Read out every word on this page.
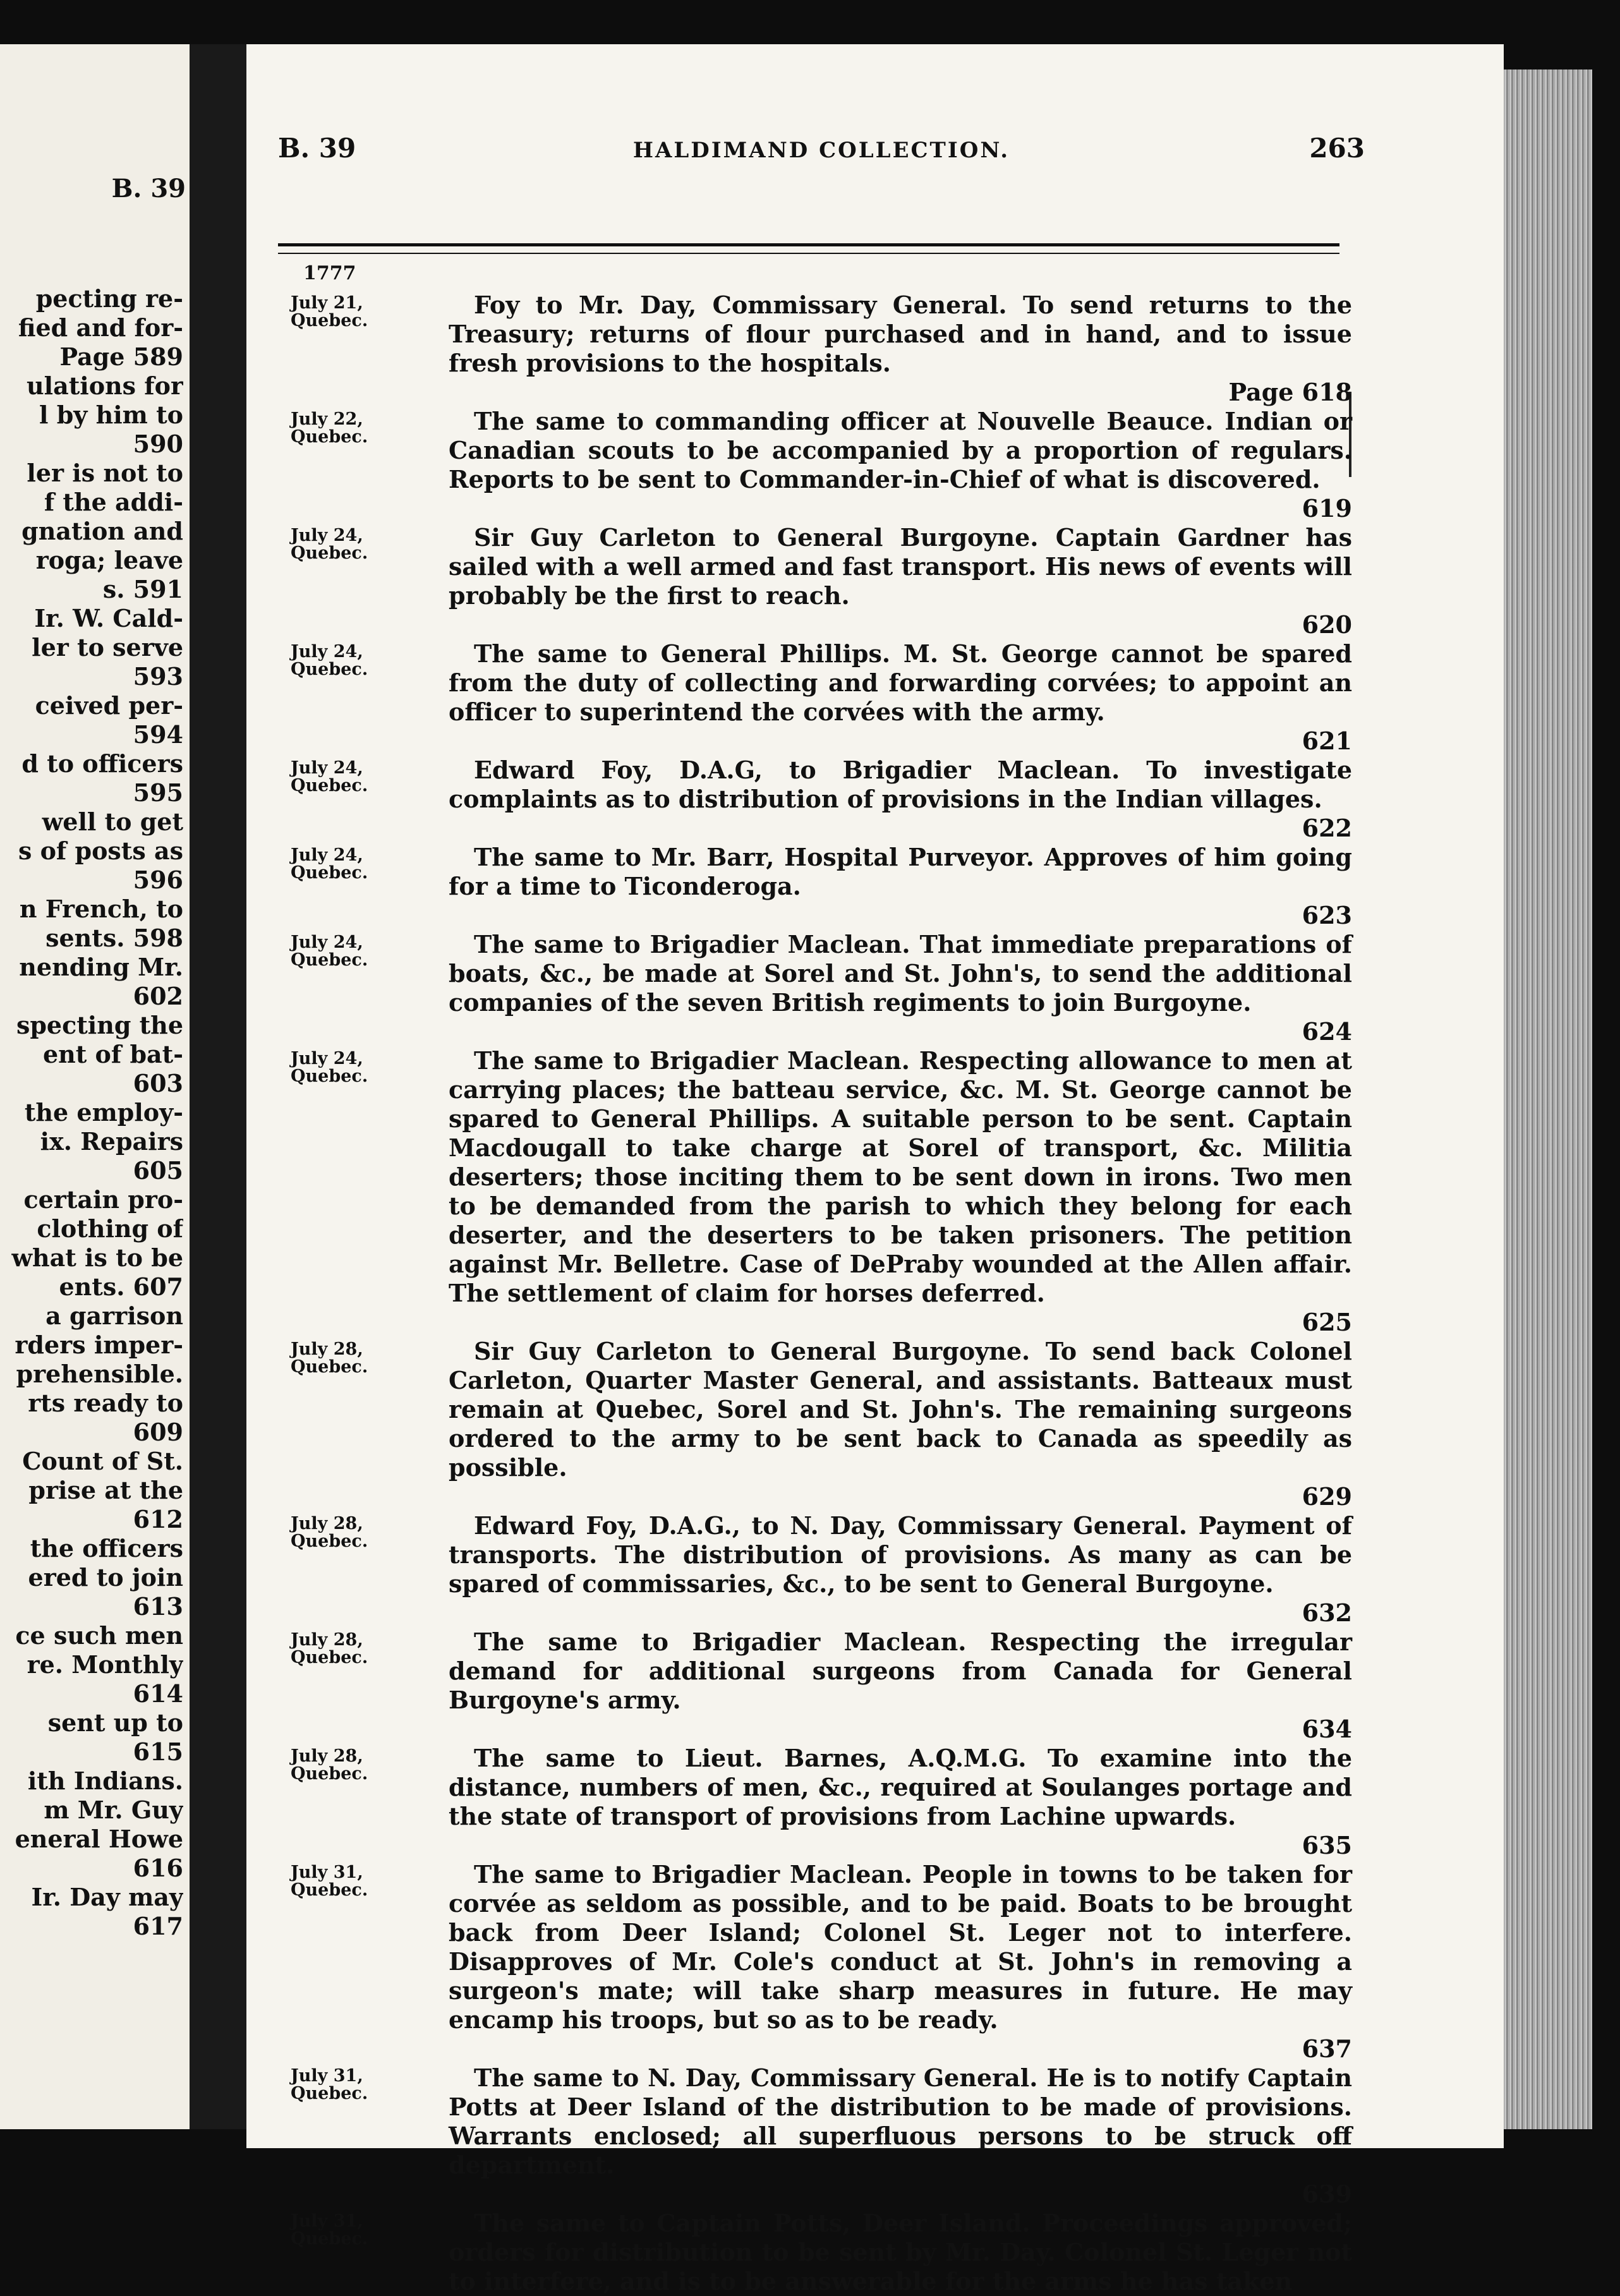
B. 39
pecting re-
fied and for-
Page 589
ulations for
l by him to
590
ler is not to
f the addi-
gnation and
roga; leave
s. 591
Ir. W. Cald-
ler to serve
593
ceived per-
594
d to officers
595
well to get
s of posts as
596
n French, to
sents. 598
nending Mr.
602
specting the
ent of bat-
603
the employ-
ix. Repairs
605
certain pro-
clothing of
what is to be
ents. 607
a garrison
rders imper-
prehensible.
rts ready to
609
Count of St.
prise at the
612
the officers
ered to join
613
ce such men
re. Monthly
614
sent up to
615
ith Indians.
m Mr. Guy
eneral Howe
616
Ir. Day may
617
B. 39	HALDIMAND COLLECTION.	263
1777
July 21,
Quebec.
Foy to Mr. Day, Commissary General. To send returns to the Treasury; returns of flour purchased and in hand, and to issue fresh provisions to the hospitals.
Page 618
July 22,
Quebec.
The same to commanding officer at Nouvelle Beauce. Indian or Canadian scouts to be accompanied by a proportion of regulars. Reports to be sent to Commander-in-Chief of what is discovered.
619
July 24,
Quebec.
Sir Guy Carleton to General Burgoyne. Captain Gardner has sailed with a well armed and fast transport. His news of events will probably be the first to reach.
620
July 24,
Quebec.
The same to General Phillips. M. St. George cannot be spared from the duty of collecting and forwarding corvées; to appoint an officer to superintend the corvées with the army.
621
July 24,
Quebec.
Edward Foy, D.A.G, to Brigadier Maclean. To investigate complaints as to distribution of provisions in the Indian villages.
622
July 24,
Quebec.
The same to Mr. Barr, Hospital Purveyor. Approves of him going for a time to Ticonderoga.
623
July 24,
Quebec.
The same to Brigadier Maclean. That immediate preparations of boats, &c., be made at Sorel and St. John's, to send the additional companies of the seven British regiments to join Burgoyne.
624
July 24,
Quebec.
The same to Brigadier Maclean. Respecting allowance to men at carrying places; the batteau service, &c. M. St. George cannot be spared to General Phillips. A suitable person to be sent. Captain Macdougall to take charge at Sorel of transport, &c. Militia deserters; those inciting them to be sent down in irons. Two men to be demanded from the parish to which they belong for each deserter, and the deserters to be taken prisoners. The petition against Mr. Belletre. Case of DePraby wounded at the Allen affair. The settlement of claim for horses deferred.
625
July 28,
Quebec.
Sir Guy Carleton to General Burgoyne. To send back Colonel Carleton, Quarter Master General, and assistants. Batteaux must remain at Quebec, Sorel and St. John's. The remaining surgeons ordered to the army to be sent back to Canada as speedily as possible.
629
July 28,
Quebec.
Edward Foy, D.A.G., to N. Day, Commissary General. Payment of transports. The distribution of provisions. As many as can be spared of commissaries, &c., to be sent to General Burgoyne.
632
July 28,
Quebec.
The same to Brigadier Maclean. Respecting the irregular demand for additional surgeons from Canada for General Burgoyne's army.
634
July 28,
Quebec.
The same to Lieut. Barnes, A.Q.M.G. To examine into the distance, numbers of men, &c., required at Soulanges portage and the state of transport of provisions from Lachine upwards.
635
July 31,
Quebec.
The same to Brigadier Maclean. People in towns to be taken for corvée as seldom as possible, and to be paid. Boats to be brought back from Deer Island; Colonel St. Leger not to interfere. Disapproves of Mr. Cole's conduct at St. John's in removing a surgeon's mate; will take sharp measures in future. He may encamp his troops, but so as to be ready.
637
July 31,
Quebec.
The same to N. Day, Commissary General. He is to notify Captain Potts at Deer Island of the distribution to be made of provisions. Warrants enclosed; all superfluous persons to be struck off department.
639
July 31,
Quebec.
The same to Captain Potts, Deer Island. Proceedings approved; orders for distribution to be sent by Mr. Day. Colonel St. Leger not to interfere, and is to be answerable for the arms he has taken
